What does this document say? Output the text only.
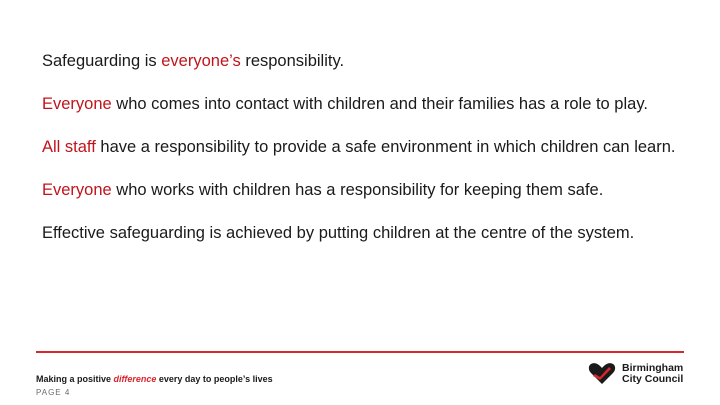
Safeguarding is everyone’s responsibility.

Everyone who comes into contact with children and their families has a role to play.

All staff have a responsibility to provide a safe environment in which children can learn.

Everyone who works with children has a responsibility for keeping them safe.

Effective safeguarding is achieved by putting children at the centre of the system.

Making a positive difference every day to people’s lives
PAGE 4
Birmingham
City Council
